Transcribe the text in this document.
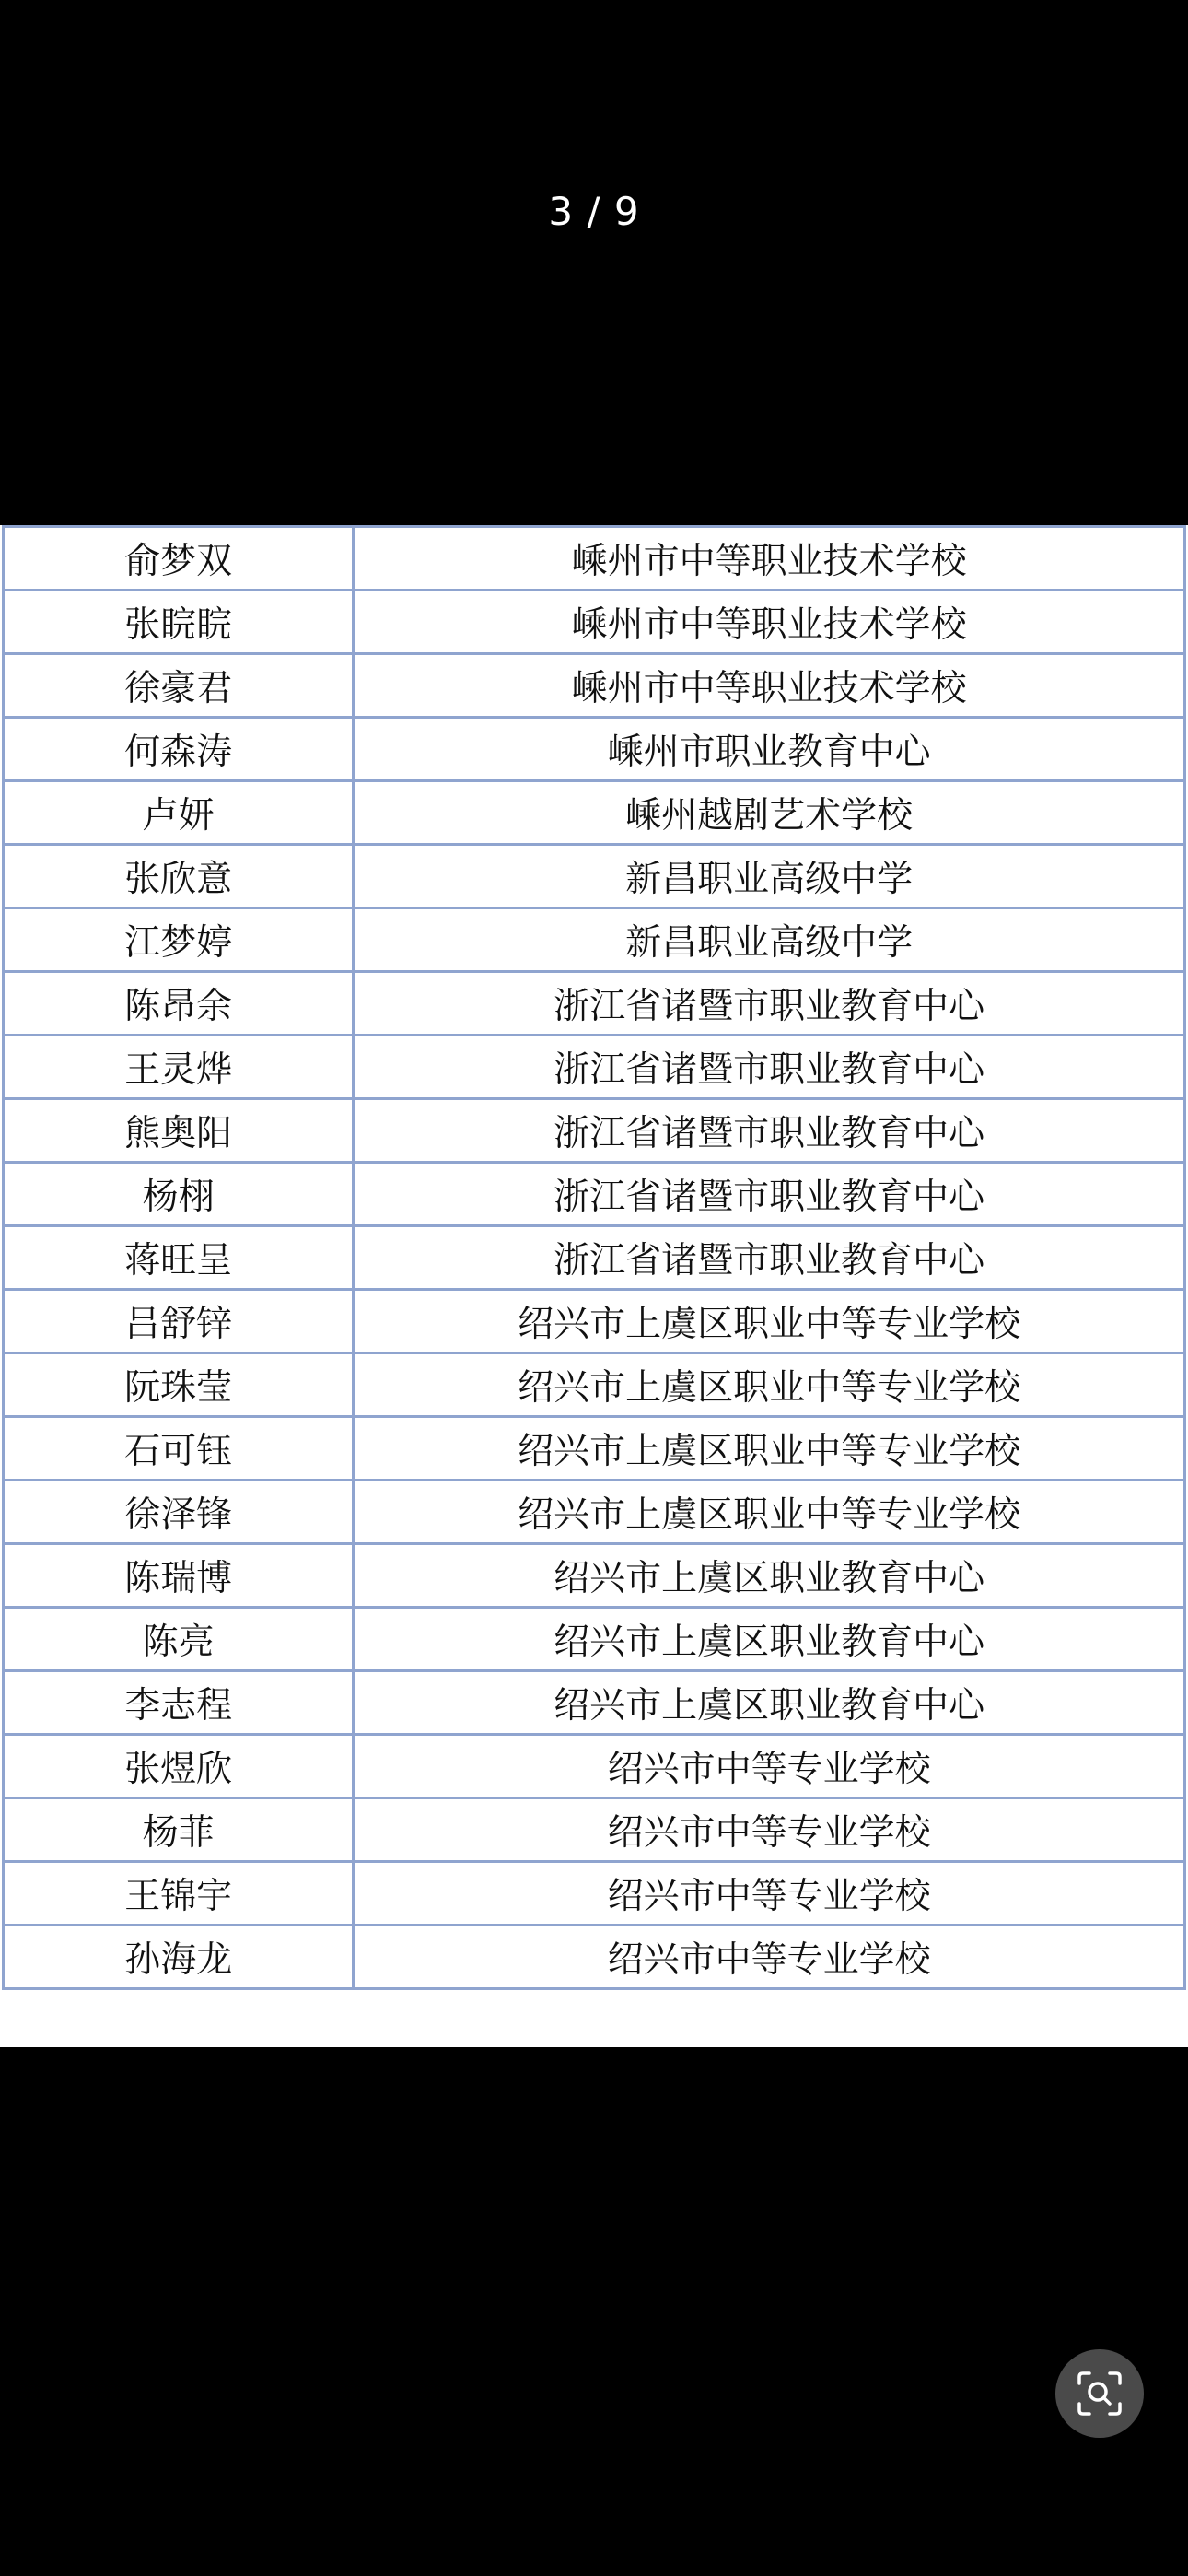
3 / 9
俞梦双	嵊州市中等职业技术学校
张睆睆	嵊州市中等职业技术学校
徐豪君	嵊州市中等职业技术学校
何森涛	嵊州市职业教育中心
卢妍	嵊州越剧艺术学校
张欣意	新昌职业高级中学
江梦婷	新昌职业高级中学
陈昂余	浙江省诸暨市职业教育中心
王灵烨	浙江省诸暨市职业教育中心
熊奥阳	浙江省诸暨市职业教育中心
杨栩	浙江省诸暨市职业教育中心
蒋旺呈	浙江省诸暨市职业教育中心
吕舒锌	绍兴市上虞区职业中等专业学校
阮珠莹	绍兴市上虞区职业中等专业学校
石可钰	绍兴市上虞区职业中等专业学校
徐泽锋	绍兴市上虞区职业中等专业学校
陈瑞博	绍兴市上虞区职业教育中心
陈亮	绍兴市上虞区职业教育中心
李志程	绍兴市上虞区职业教育中心
张煜欣	绍兴市中等专业学校
杨菲	绍兴市中等专业学校
王锦宇	绍兴市中等专业学校
孙海龙	绍兴市中等专业学校
